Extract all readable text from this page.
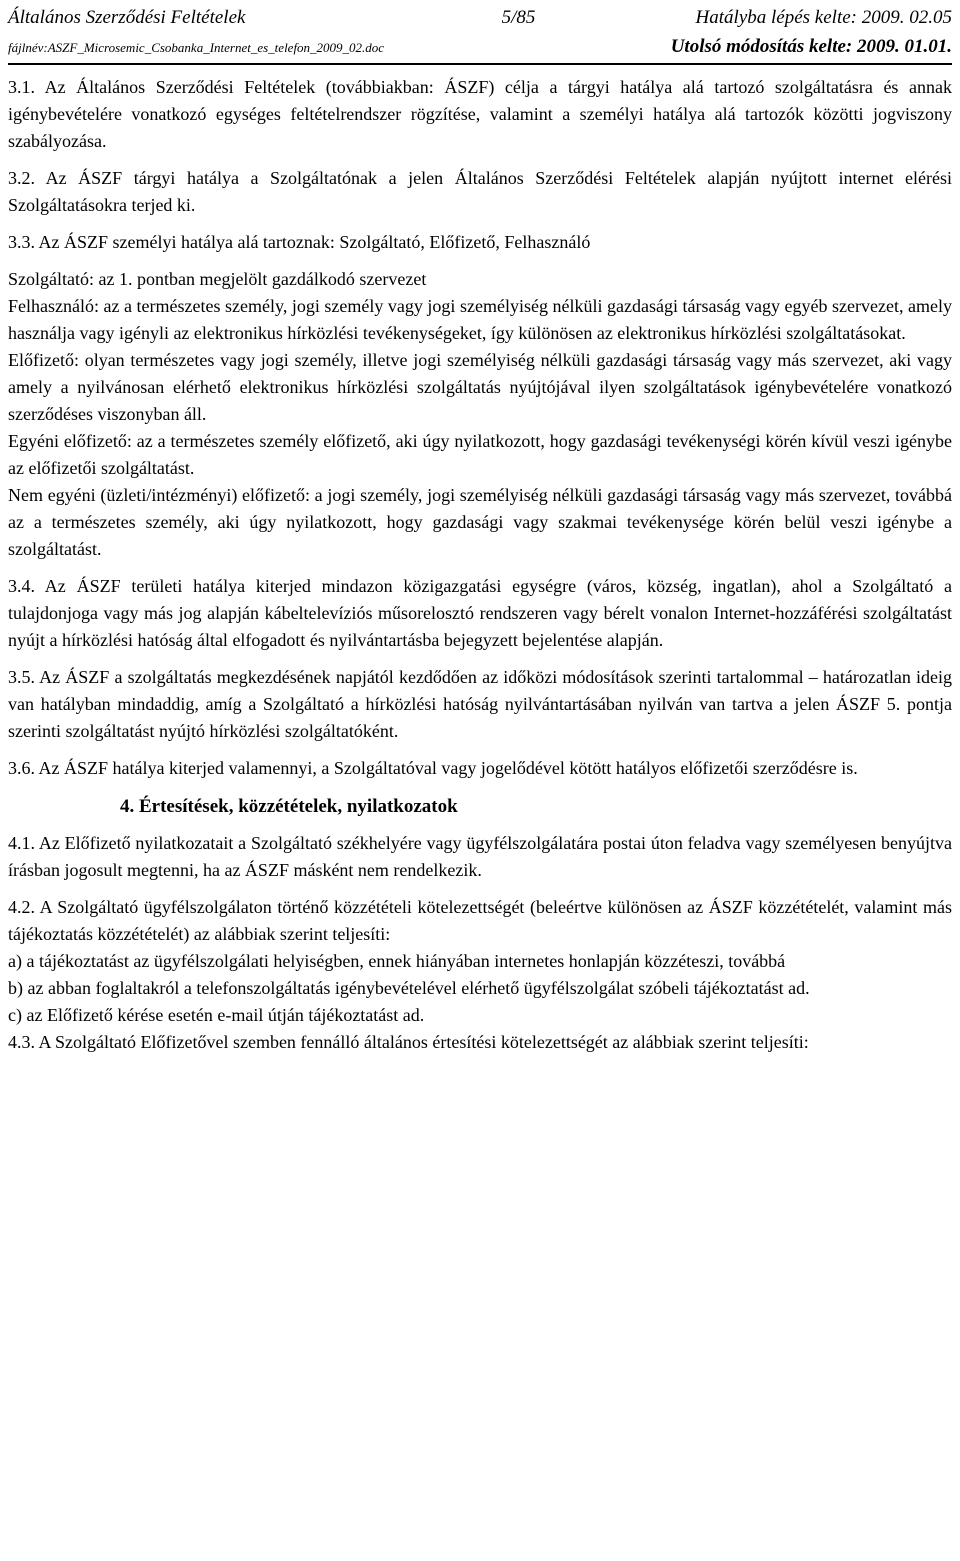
Általános Szerződési Feltételek	5/85	Hatályba lépés kelte: 2009. 02.05
fájlnév:ASZF_Microsemic_Csobanka_Internet_es_telefon_2009_02.doc	Utolsó módosítás kelte: 2009. 01.01.

3.1. Az Általános Szerződési Feltételek (továbbiakban: ÁSZF) célja a tárgyi hatálya alá tartozó szolgáltatásra és annak igénybevételére vonatkozó egységes feltételrendszer rögzítése, valamint a személyi hatálya alá tartozók közötti jogviszony szabályozása.

3.2. Az ÁSZF tárgyi hatálya a Szolgáltatónak a jelen Általános Szerződési Feltételek alapján nyújtott internet elérési Szolgáltatásokra terjed ki.

3.3. Az ÁSZF személyi hatálya alá tartoznak: Szolgáltató, Előfizető, Felhasználó

Szolgáltató: az 1. pontban megjelölt gazdálkodó szervezet

Felhasználó: az a természetes személy, jogi személy vagy jogi személyiség nélküli gazdasági társaság vagy egyéb szervezet, amely használja vagy igényli az elektronikus hírközlési tevékenységeket, így különösen az elektronikus hírközlési szolgáltatásokat.

Előfizető: olyan természetes vagy jogi személy, illetve jogi személyiség nélküli gazdasági társaság vagy más szervezet, aki vagy amely a nyilvánosan elérhető elektronikus hírközlési szolgáltatás nyújtójával ilyen szolgáltatások igénybevételére vonatkozó szerződéses viszonyban áll.

Egyéni előfizető: az a természetes személy előfizető, aki úgy nyilatkozott, hogy gazdasági tevékenységi körén kívül veszi igénybe az előfizetői szolgáltatást.

Nem egyéni (üzleti/intézményi) előfizető: a jogi személy, jogi személyiség nélküli gazdasági társaság vagy más szervezet, továbbá az a természetes személy, aki úgy nyilatkozott, hogy gazdasági vagy szakmai tevékenysége körén belül veszi igénybe a szolgáltatást.

3.4. Az ÁSZF területi hatálya kiterjed mindazon közigazgatási egységre (város, község, ingatlan), ahol a Szolgáltató a tulajdonjoga vagy más jog alapján kábeltelevíziós műsorelosztó rendszeren vagy bérelt vonalon Internet-hozzáférési szolgáltatást nyújt a hírközlési hatóság által elfogadott és nyilvántartásba bejegyzett bejelentése alapján.

3.5. Az ÁSZF a szolgáltatás megkezdésének napjától kezdődően az időközi módosítások szerinti tartalommal – határozatlan ideig van hatályban mindaddig, amíg a Szolgáltató a hírközlési hatóság nyilvántartásában nyilván van tartva a jelen ÁSZF 5. pontja szerinti szolgáltatást nyújtó hírközlési szolgáltatóként.

3.6. Az ÁSZF hatálya kiterjed valamennyi, a Szolgáltatóval vagy jogelődével kötött hatályos előfizetői szerződésre is.

4. Értesítések, közzétételek, nyilatkozatok

4.1. Az Előfizető nyilatkozatait a Szolgáltató székhelyére vagy ügyfélszolgálatára postai úton feladva vagy személyesen benyújtva írásban jogosult megtenni, ha az ÁSZF másként nem rendelkezik.

4.2. A Szolgáltató ügyfélszolgálaton történő közzétételi kötelezettségét (beleértve különösen az ÁSZF közzétételét, valamint más tájékoztatás közzétételét) az alábbiak szerint teljesíti:

a) a tájékoztatást az ügyfélszolgálati helyiségben, ennek hiányában internetes honlapján közzéteszi, továbbá

b) az abban foglaltakról a telefonszolgáltatás igénybevételével elérhető ügyfélszolgálat szóbeli tájékoztatást ad.

c) az Előfizető kérése esetén e-mail útján tájékoztatást ad.

4.3. A Szolgáltató Előfizetővel szemben fennálló általános értesítési kötelezettségét az alábbiak szerint teljesíti:
